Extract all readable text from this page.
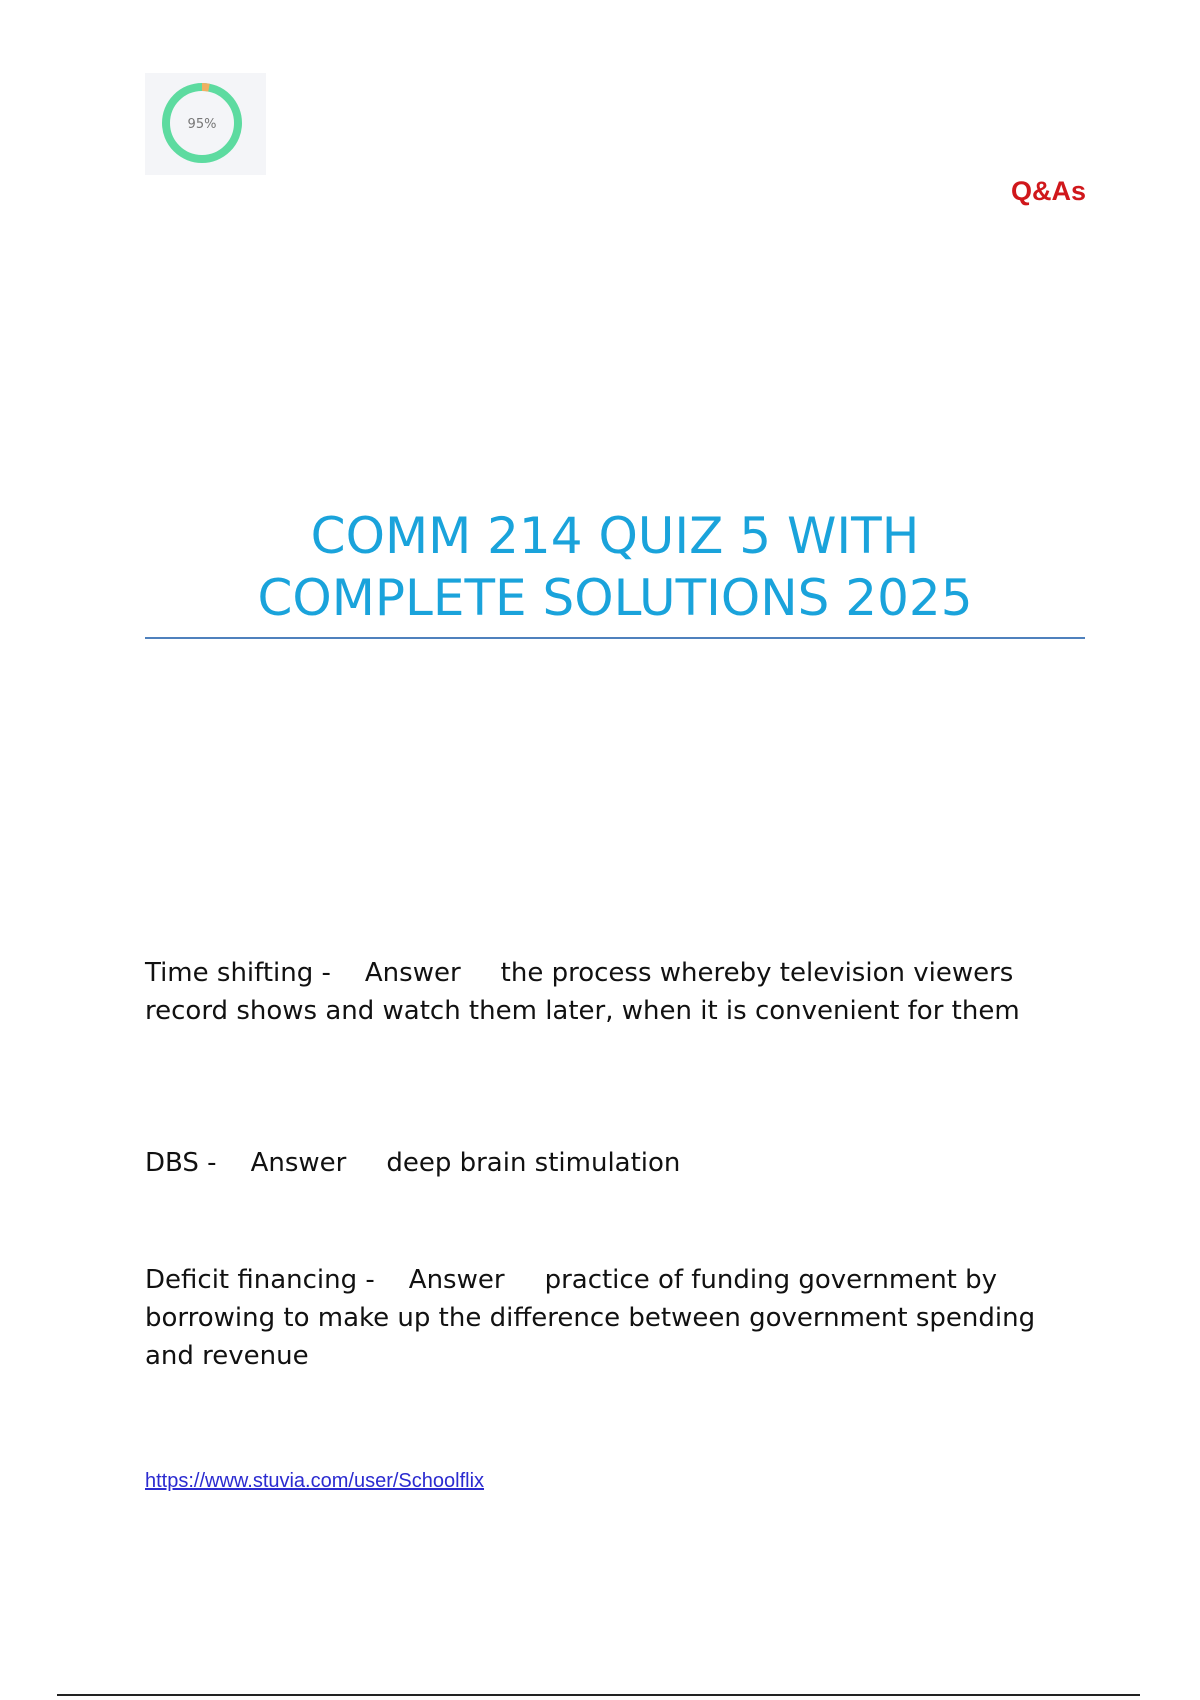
95%
Q&As
COMM 214 QUIZ 5 WITH
COMPLETE SOLUTIONS 2025
Time shifting - Answer the process whereby television viewers record shows and watch them later, when it is convenient for them
DBS - Answer deep brain stimulation
Deficit financing - Answer practice of funding government by borrowing to make up the difference between government spending and revenue
https://www.stuvia.com/user/Schoolflix
